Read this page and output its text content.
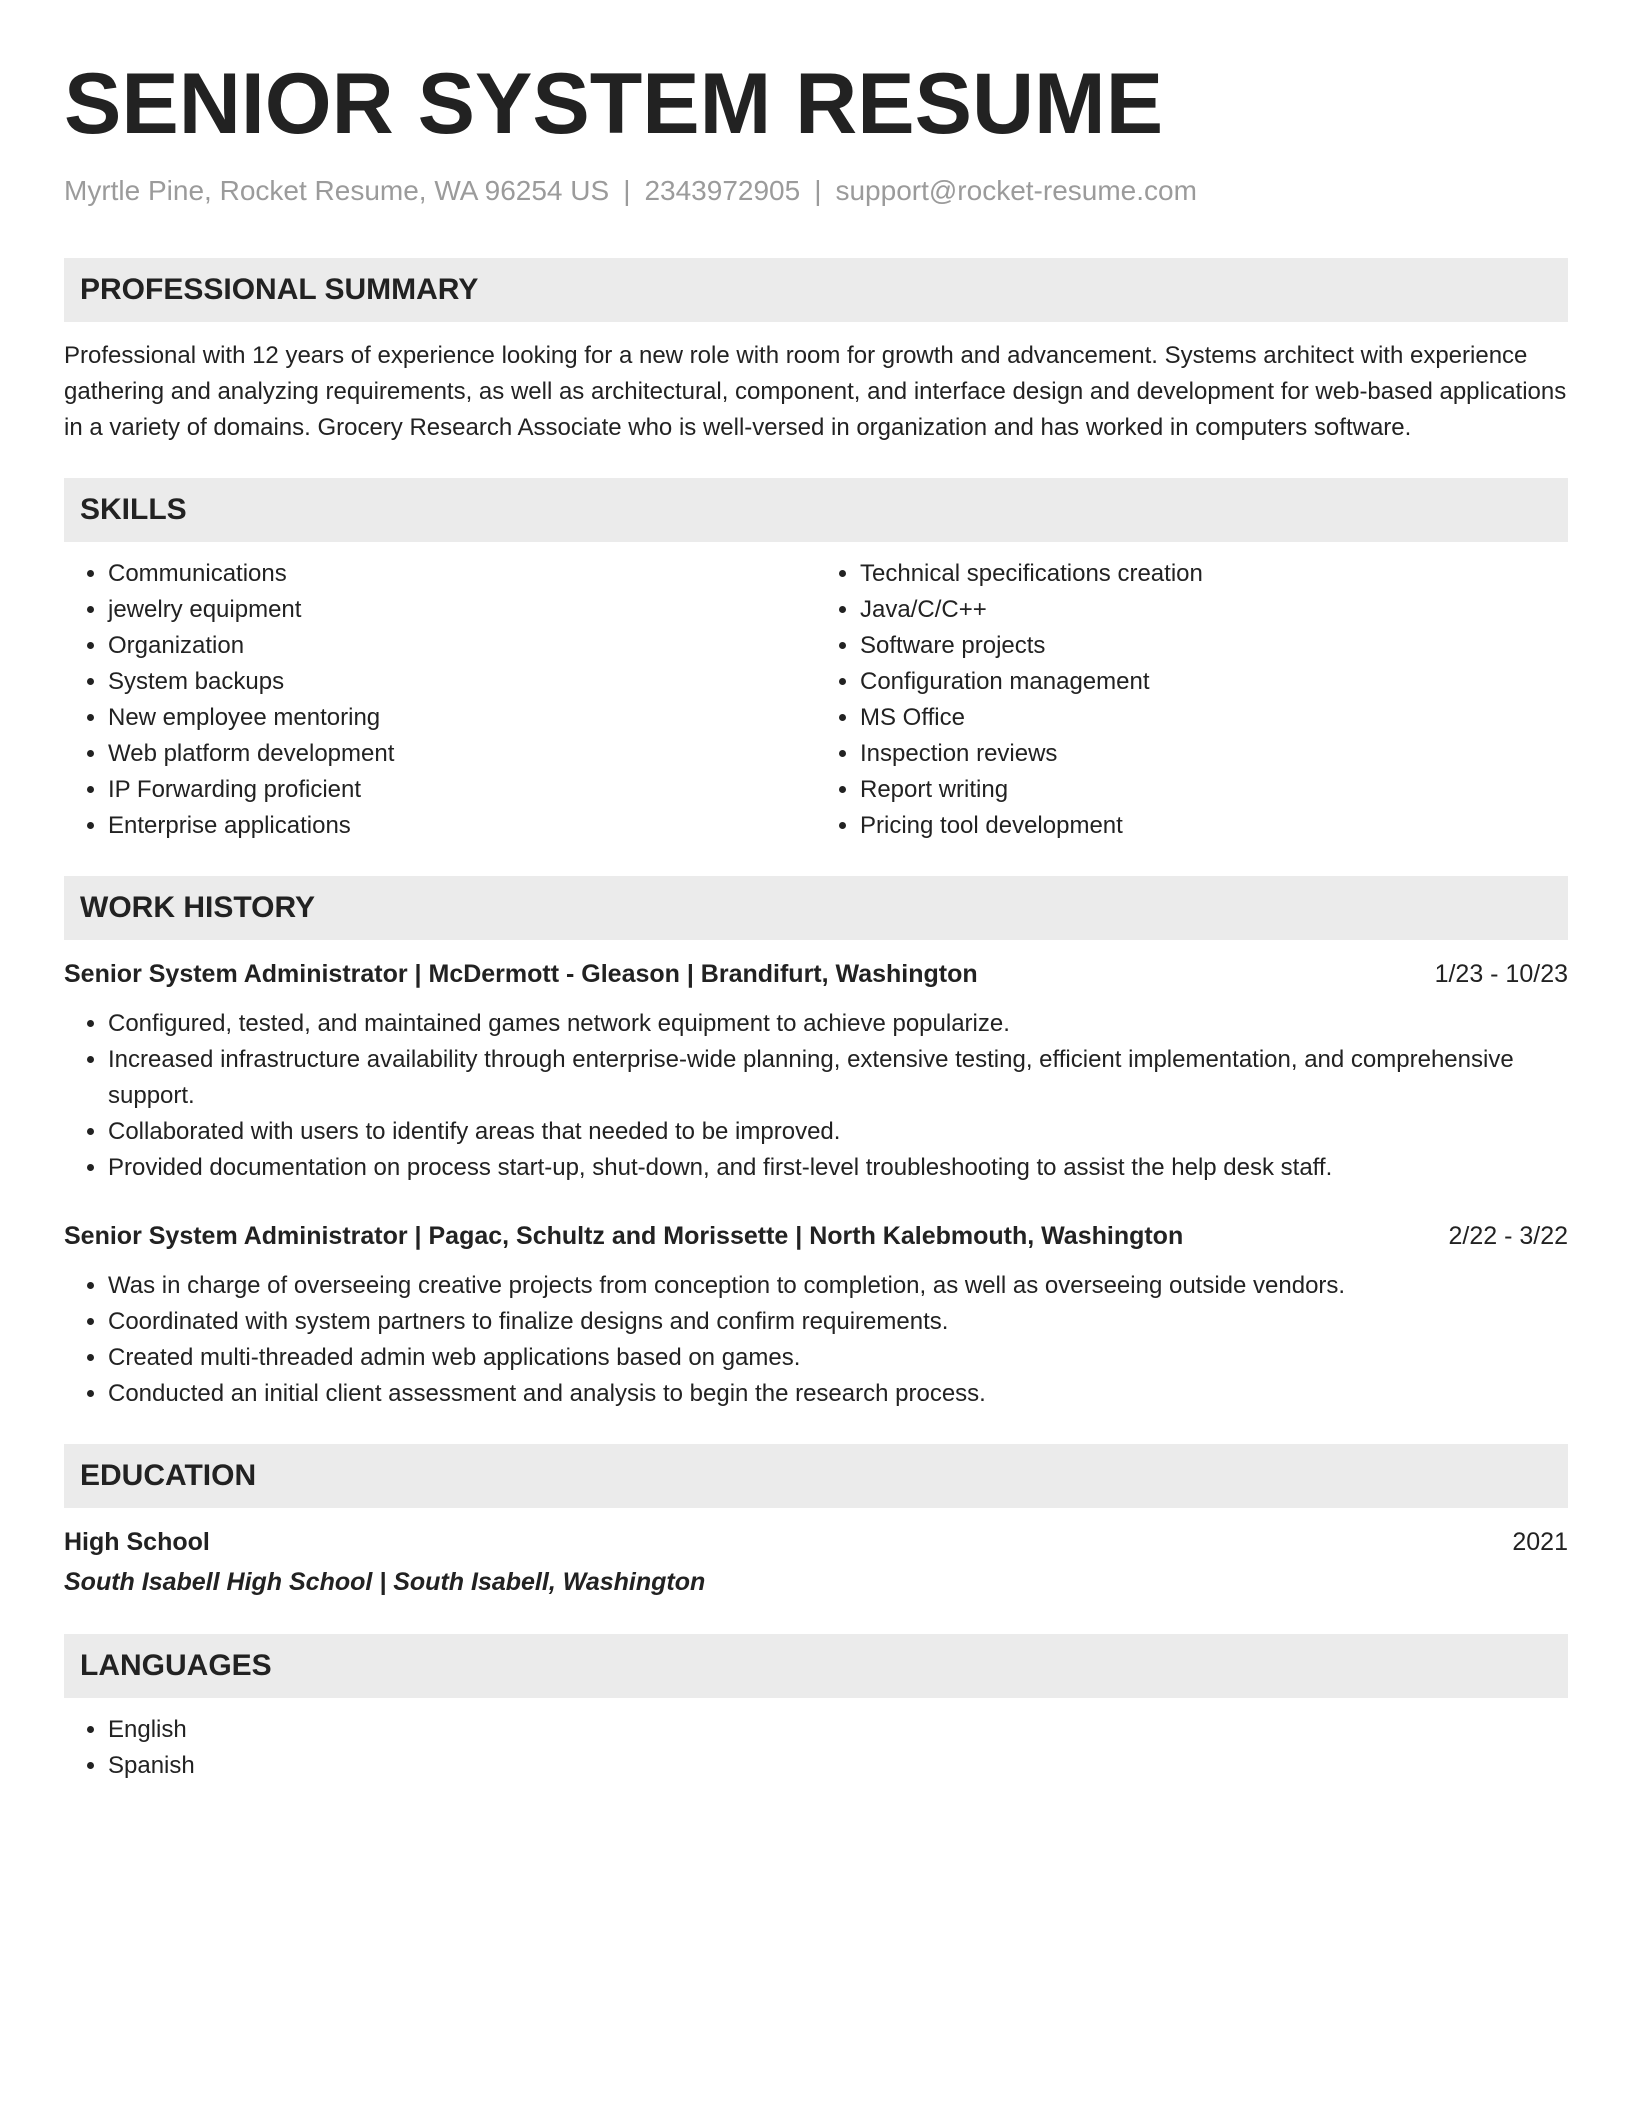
SENIOR SYSTEM RESUME
Myrtle Pine, Rocket Resume, WA 96254 US | 2343972905 | support@rocket-resume.com
PROFESSIONAL SUMMARY

Professional with 12 years of experience looking for a new role with room for growth and advancement. Systems architect with experience gathering and analyzing requirements, as well as architectural, component, and interface design and development for web-based applications in a variety of domains. Grocery Research Associate who is well-versed in organization and has worked in computers software.

SKILLS
• Communications
• jewelry equipment
• Organization
• System backups
• New employee mentoring
• Web platform development
• IP Forwarding proficient
• Enterprise applications
• Technical specifications creation
• Java/C/C++
• Software projects
• Configuration management
• MS Office
• Inspection reviews
• Report writing
• Pricing tool development
WORK HISTORY
Senior System Administrator | McDermott - Gleason | Brandifurt, Washington	1/23 - 10/23
• Configured, tested, and maintained games network equipment to achieve popularize.
• Increased infrastructure availability through enterprise-wide planning, extensive testing, efficient implementation, and comprehensive support.
• Collaborated with users to identify areas that needed to be improved.
• Provided documentation on process start-up, shut-down, and first-level troubleshooting to assist the help desk staff.
Senior System Administrator | Pagac, Schultz and Morissette | North Kalebmouth, Washington	2/22 - 3/22
• Was in charge of overseeing creative projects from conception to completion, as well as overseeing outside vendors.
• Coordinated with system partners to finalize designs and confirm requirements.
• Created multi-threaded admin web applications based on games.
• Conducted an initial client assessment and analysis to begin the research process.
EDUCATION
High School	2021
South Isabell High School | South Isabell, Washington
LANGUAGES
• English
• Spanish
